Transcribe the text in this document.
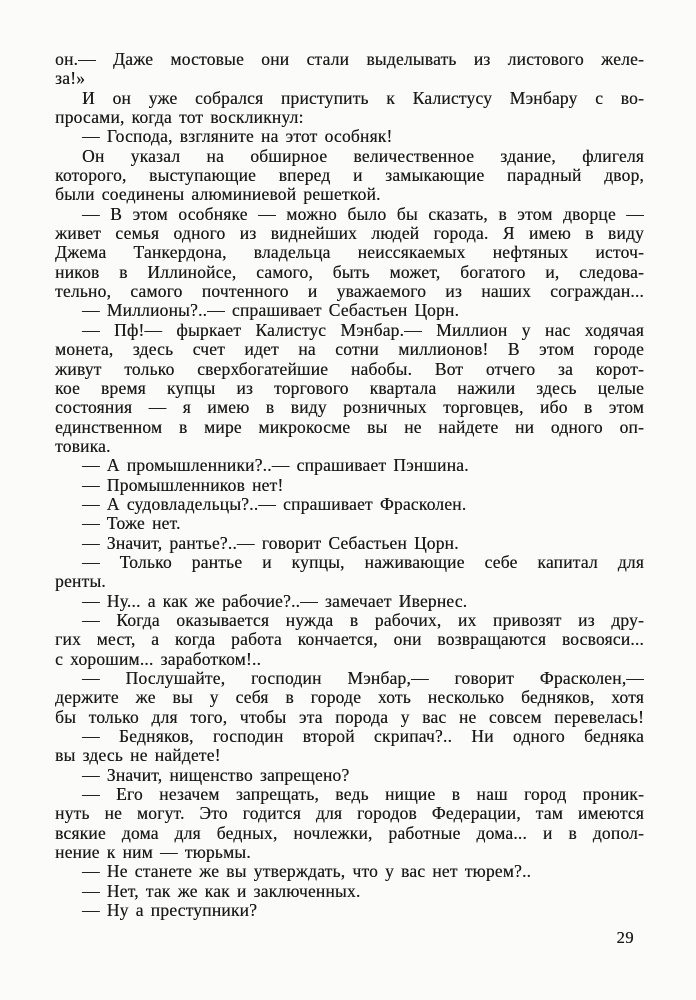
он.— Даже мостовые они стали выделывать из листового желе-
за!»
И он уже собрался приступить к Калистусу Мэнбару с во-
просами, когда тот воскликнул:
— Господа, взгляните на этот особняк!
Он указал на обширное величественное здание, флигеля
которого, выступающие вперед и замыкающие парадный двор,
были соединены алюминиевой решеткой.
— В этом особняке — можно было бы сказать, в этом дворце —
живет семья одного из виднейших людей города. Я имею в виду
Джема Танкердона, владельца неиссякаемых нефтяных источ-
ников в Иллинойсе, самого, быть может, богатого и, следова-
тельно, самого почтенного и уважаемого из наших сограждан...
— Миллионы?..— спрашивает Себастьен Цорн.
— Пф!— фыркает Калистус Мэнбар.— Миллион у нас ходячая
монета, здесь счет идет на сотни миллионов! В этом городе
живут только сверхбогатейшие набобы. Вот отчего за корот-
кое время купцы из торгового квартала нажили здесь целые
состояния — я имею в виду розничных торговцев, ибо в этом
единственном в мире микрокосме вы не найдете ни одного оп-
товика.
— А промышленники?..— спрашивает Пэншина.
— Промышленников нет!
— А судовладельцы?..— спрашивает Фрасколен.
— Тоже нет.
— Значит, рантье?..— говорит Себастьен Цорн.
— Только рантье и купцы, наживающие себе капитал для
ренты.
— Ну... а как же рабочие?..— замечает Ивернес.
— Когда оказывается нужда в рабочих, их привозят из дру-
гих мест, а когда работа кончается, они возвращаются восвояси...
с хорошим... заработком!..
— Послушайте, господин Мэнбар,— говорит Фрасколен,—
держите же вы у себя в городе хоть несколько бедняков, хотя
бы только для того, чтобы эта порода у вас не совсем перевелась!
— Бедняков, господин второй скрипач?.. Ни одного бедняка
вы здесь не найдете!
— Значит, нищенство запрещено?
— Его незачем запрещать, ведь нищие в наш город проник-
нуть не могут. Это годится для городов Федерации, там имеются
всякие дома для бедных, ночлежки, работные дома... и в допол-
нение к ним — тюрьмы.
— Не станете же вы утверждать, что у вас нет тюрем?..
— Нет, так же как и заключенных.
— Ну а преступники?
29
